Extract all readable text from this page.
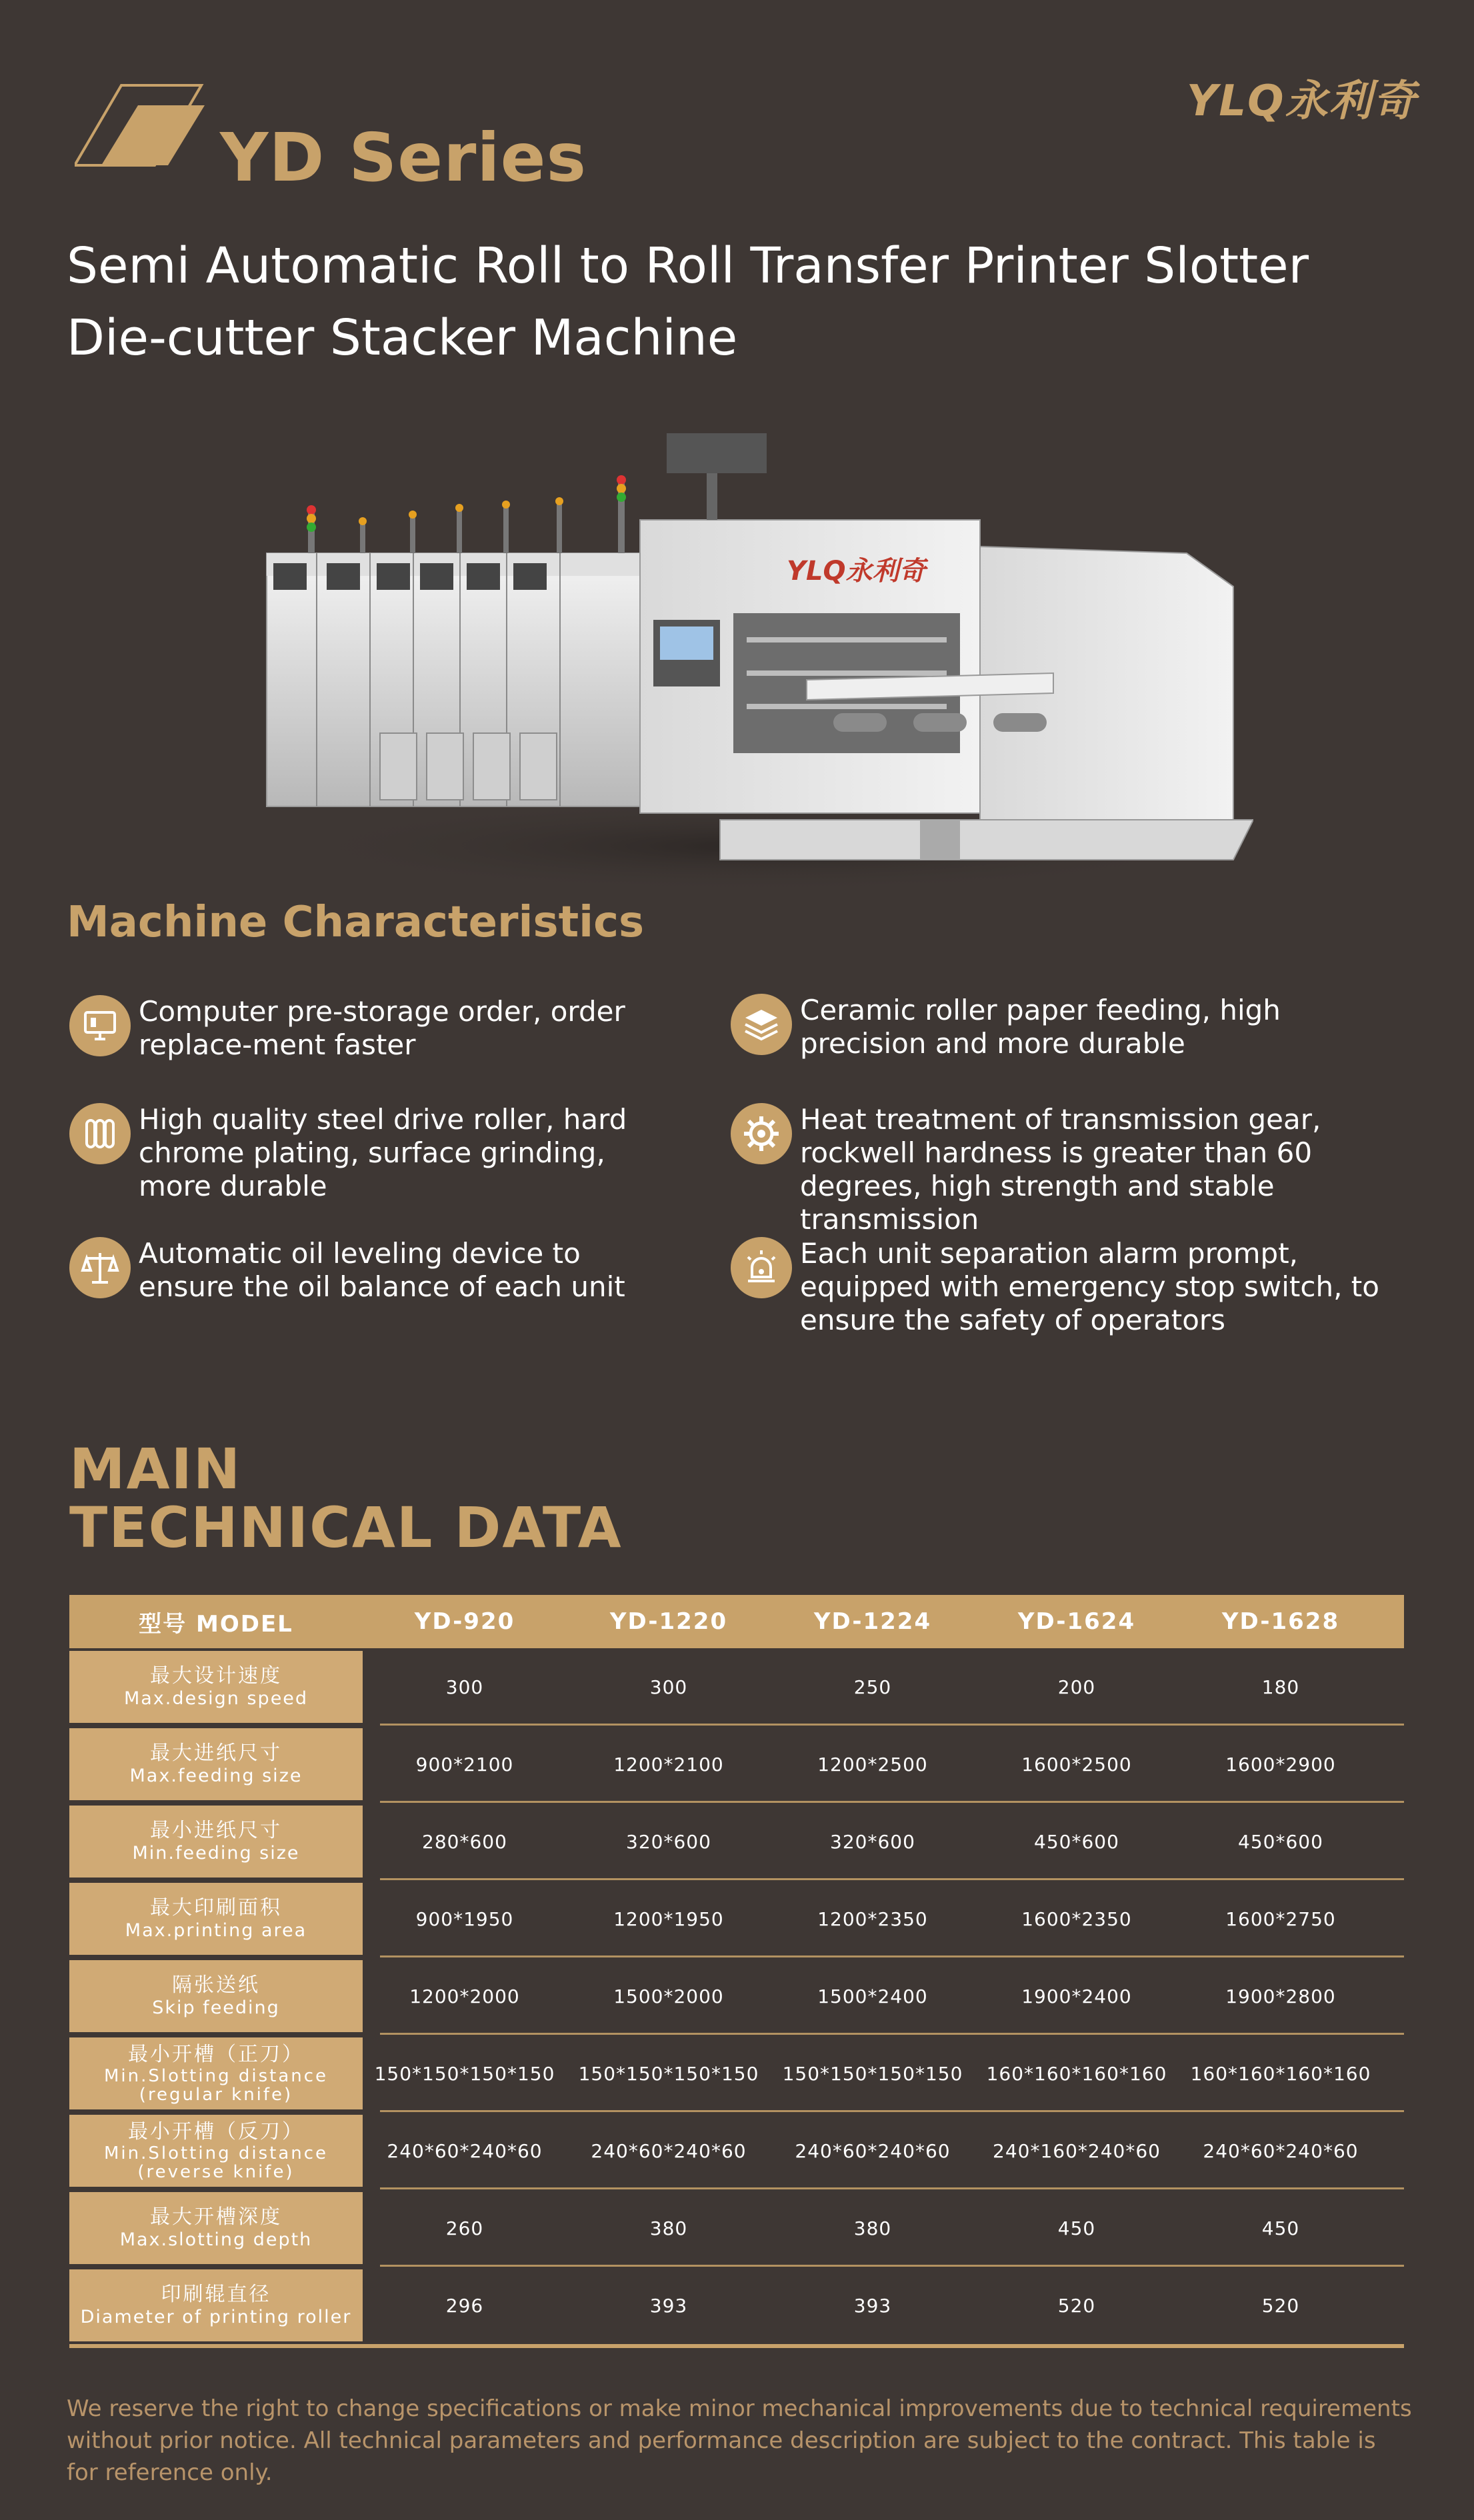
YD Series
YLQ永利奇
Semi Automatic Roll to Roll Transfer Printer Slotter
Die-cutter Stacker Machine
YLQ永利奇
Machine Characteristics
Computer pre-storage order, order replace-ment faster
Ceramic roller paper feeding, high precision and more durable
High quality steel drive roller, hard chrome plating, surface grinding, more durable
Heat treatment of transmission gear, rockwell hardness is greater than 60 degrees, high strength and stable transmission
Automatic oil leveling device to ensure the oil balance of each unit
Each unit separation alarm prompt, equipped with emergency stop switch, to ensure the safety of operators
MAIN
TECHNICAL DATA
型号 MODEL	YD-920	YD-1220	YD-1224	YD-1624	YD-1628
最大设计速度
Max.design speed
300	300	250	200	180
最大进纸尺寸
Max.feeding size
900*2100	1200*2100	1200*2500	1600*2500	1600*2900
最小进纸尺寸
Min.feeding size
280*600	320*600	320*600	450*600	450*600
最大印刷面积
Max.printing area
900*1950	1200*1950	1200*2350	1600*2350	1600*2750
隔张送纸
Skip feeding
1200*2000	1500*2000	1500*2400	1900*2400	1900*2800
最小开槽（正刀）
Min.Slotting distance
(regular knife)
150*150*150*150	150*150*150*150	150*150*150*150	160*160*160*160	160*160*160*160
最小开槽（反刀）
Min.Slotting distance
(reverse knife)
240*60*240*60	240*60*240*60	240*60*240*60	240*160*240*60	240*60*240*60
最大开槽深度
Max.slotting depth
260	380	380	450	450
印刷辊直径
Diameter of printing roller
296	393	393	520	520
We reserve the right to change specifications or make minor mechanical improvements due to technical requirements without prior notice. All technical parameters and performance description are subject to the contract. This table is for reference only.
